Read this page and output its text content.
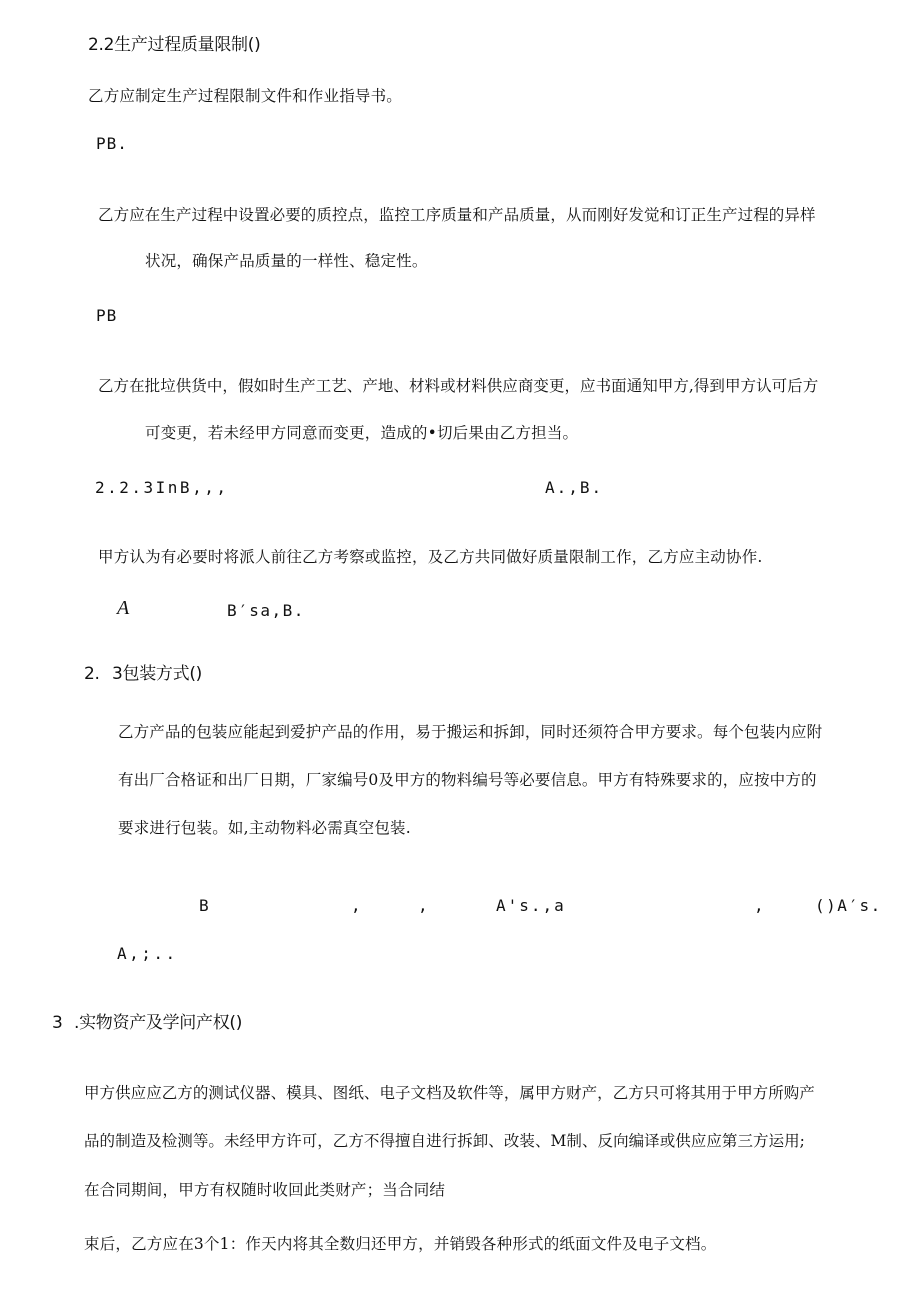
2.2生产过程质量限制()
乙方应制定生产过程限制文件和作业指导书。
PB.
乙方应在生产过程中设置必要的质控点，监控工序质量和产品质量，从而刚好发觉和订正生产过程的异样
状况，确保产品质量的一样性、稳定性。
PB
乙方在批垃供货中，假如时生产工艺、产地、材料或材料供应商变更，应书面通知甲方,得到甲方认可后方
可变更，若未经甲方同意而变更，造成的•切后果由乙方担当。
2.2.3InB,,,	A.,B.
甲方认为有必要时将派人前往乙方考察或监控，及乙方共同做好质量限制工作，乙方应主动协作.
A	B′sa,B.
2. 3包装方式()
乙方产品的包装应能起到爱护产品的作用，易于搬运和拆卸，同时还须符合甲方要求。每个包装内应附
有出厂合格证和出厂日期，厂家编号0及甲方的物料编号等必要信息。甲方有特殊要求的，应按中方的
要求进行包装。如,主动物料必需真空包装.
B	,	,	A's.,a	,	()A′s.
A,;..
3 .实物资产及学问产权()
甲方供应应乙方的测试仪器、模具、图纸、电子文档及软件等，属甲方财产，乙方只可将其用于甲方所购产
品的制造及检测等。未经甲方许可，乙方不得擅自进行拆卸、改装、M制、反向编译或供应应第三方运用;
在合同期间，甲方有权随时收回此类财产；当合同结
束后，乙方应在3个1：作天内将其全数归还甲方，并销毁各种形式的纸面文件及电子文档。
